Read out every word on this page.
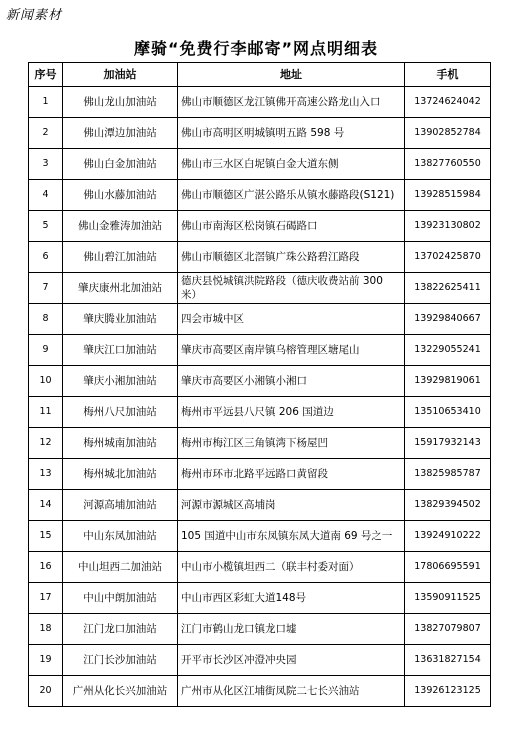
新闻素材
摩骑“免费行李邮寄”网点明细表
序号	加油站	地址	手机
1	佛山龙山加油站	佛山市顺德区龙江镇佛开高速公路龙山入口	13724624042
2	佛山潭边加油站	佛山市高明区明城镇明五路 598 号	13902852784
3	佛山白金加油站	佛山市三水区白坭镇白金大道东侧	13827760550
4	佛山水藤加油站	佛山市顺德区广湛公路乐从镇水藤路段(S121)	13928515984
5	佛山金雅涛加油站	佛山市南海区松岗镇石碣路口	13923130802
6	佛山碧江加油站	佛山市顺德区北滘镇广珠公路碧江路段	13702425870
7	肇庆康州北加油站	德庆县悦城镇洪院路段（德庆收费站前 300 米）	13822625411
8	肇庆腾业加油站	四会市城中区	13929840667
9	肇庆江口加油站	肇庆市高要区南岸镇乌榕管理区塘尾山	13229055241
10	肇庆小湘加油站	肇庆市高要区小湘镇小湘口	13929819061
11	梅州八尺加油站	梅州市平远县八尺镇 206 国道边	13510653410
12	梅州城南加油站	梅州市梅江区三角镇湾下杨屋凹	15917932143
13	梅州城北加油站	梅州市环市北路平远路口黄留段	13825985787
14	河源高埔加油站	河源市源城区高埔岗	13829394502
15	中山东凤加油站	105 国道中山市东凤镇东凤大道南 69 号之一	13924910222
16	中山坦西二加油站	中山市小榄镇坦西二（联丰村委对面）	17806695591
17	中山中朗加油站	中山市西区彩虹大道148号	13590911525
18	江门龙口加油站	江门市鹤山龙口镇龙口墟	13827079807
19	江门长沙加油站	开平市长沙区冲澄冲央园	13631827154
20	广州从化长兴加油站	广州市从化区江埔街凤院二七长兴油站	13926123125
